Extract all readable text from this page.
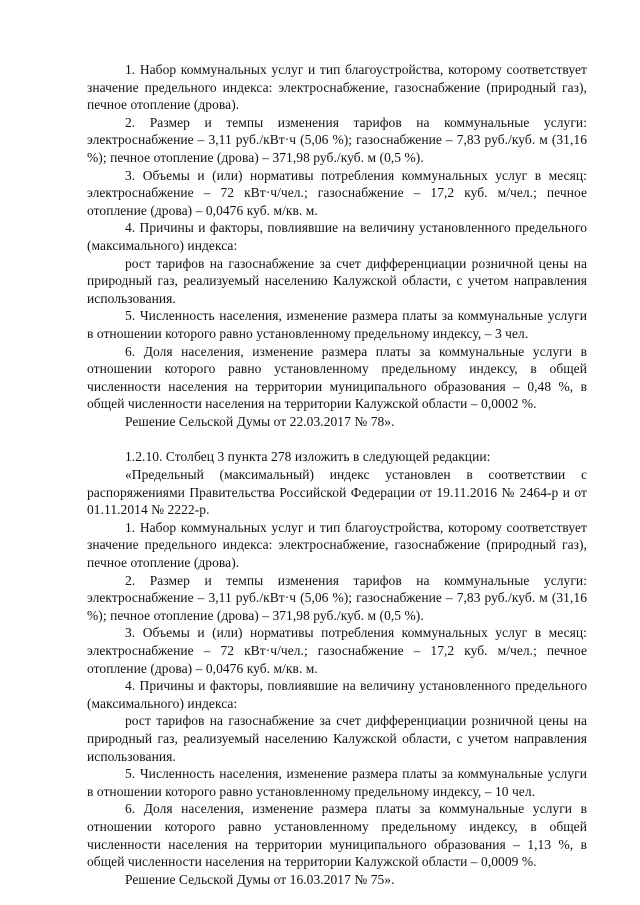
1. Набор коммунальных услуг и тип благоустройства, которому соответствует значение предельного индекса: электроснабжение, газоснабжение (природный газ), печное отопление (дрова).

2. Размер и темпы изменения тарифов на коммунальные услуги: электроснабжение – 3,11 руб./кВт·ч (5,06 %); газоснабжение – 7,83 руб./куб. м (31,16 %); печное отопление (дрова) – 371,98 руб./куб. м (0,5 %).

3. Объемы и (или) нормативы потребления коммунальных услуг в месяц: электроснабжение – 72 кВт·ч/чел.; газоснабжение – 17,2 куб. м/чел.; печное отопление (дрова) – 0,0476 куб. м/кв. м.

4. Причины и факторы, повлиявшие на величину установленного предельного (максимального) индекса:

рост тарифов на газоснабжение за счет дифференциации розничной цены на природный газ, реализуемый населению Калужской области, с учетом направления использования.

5. Численность населения, изменение размера платы за коммунальные услуги в отношении которого равно установленному предельному индексу, – 3 чел.

6. Доля населения, изменение размера платы за коммунальные услуги в отношении которого равно установленному предельному индексу, в общей численности населения на территории муниципального образования – 0,48 %, в общей численности населения на территории Калужской области – 0,0002 %.

Решение Сельской Думы от 22.03.2017 № 78».

1.2.10. Столбец 3 пункта 278 изложить в следующей редакции:

«Предельный (максимальный) индекс установлен в соответствии с распоряжениями Правительства Российской Федерации от 19.11.2016 № 2464-р и от 01.11.2014 № 2222-р.

1. Набор коммунальных услуг и тип благоустройства, которому соответствует значение предельного индекса: электроснабжение, газоснабжение (природный газ), печное отопление (дрова).

2. Размер и темпы изменения тарифов на коммунальные услуги: электроснабжение – 3,11 руб./кВт·ч (5,06 %); газоснабжение – 7,83 руб./куб. м (31,16 %); печное отопление (дрова) – 371,98 руб./куб. м (0,5 %).

3. Объемы и (или) нормативы потребления коммунальных услуг в месяц: электроснабжение – 72 кВт·ч/чел.; газоснабжение – 17,2 куб. м/чел.; печное отопление (дрова) – 0,0476 куб. м/кв. м.

4. Причины и факторы, повлиявшие на величину установленного предельного (максимального) индекса:

рост тарифов на газоснабжение за счет дифференциации розничной цены на природный газ, реализуемый населению Калужской области, с учетом направления использования.

5. Численность населения, изменение размера платы за коммунальные услуги в отношении которого равно установленному предельному индексу, – 10 чел.

6. Доля населения, изменение размера платы за коммунальные услуги в отношении которого равно установленному предельному индексу, в общей численности населения на территории муниципального образования – 1,13 %, в общей численности населения на территории Калужской области – 0,0009 %.

Решение Сельской Думы от 16.03.2017 № 75».
